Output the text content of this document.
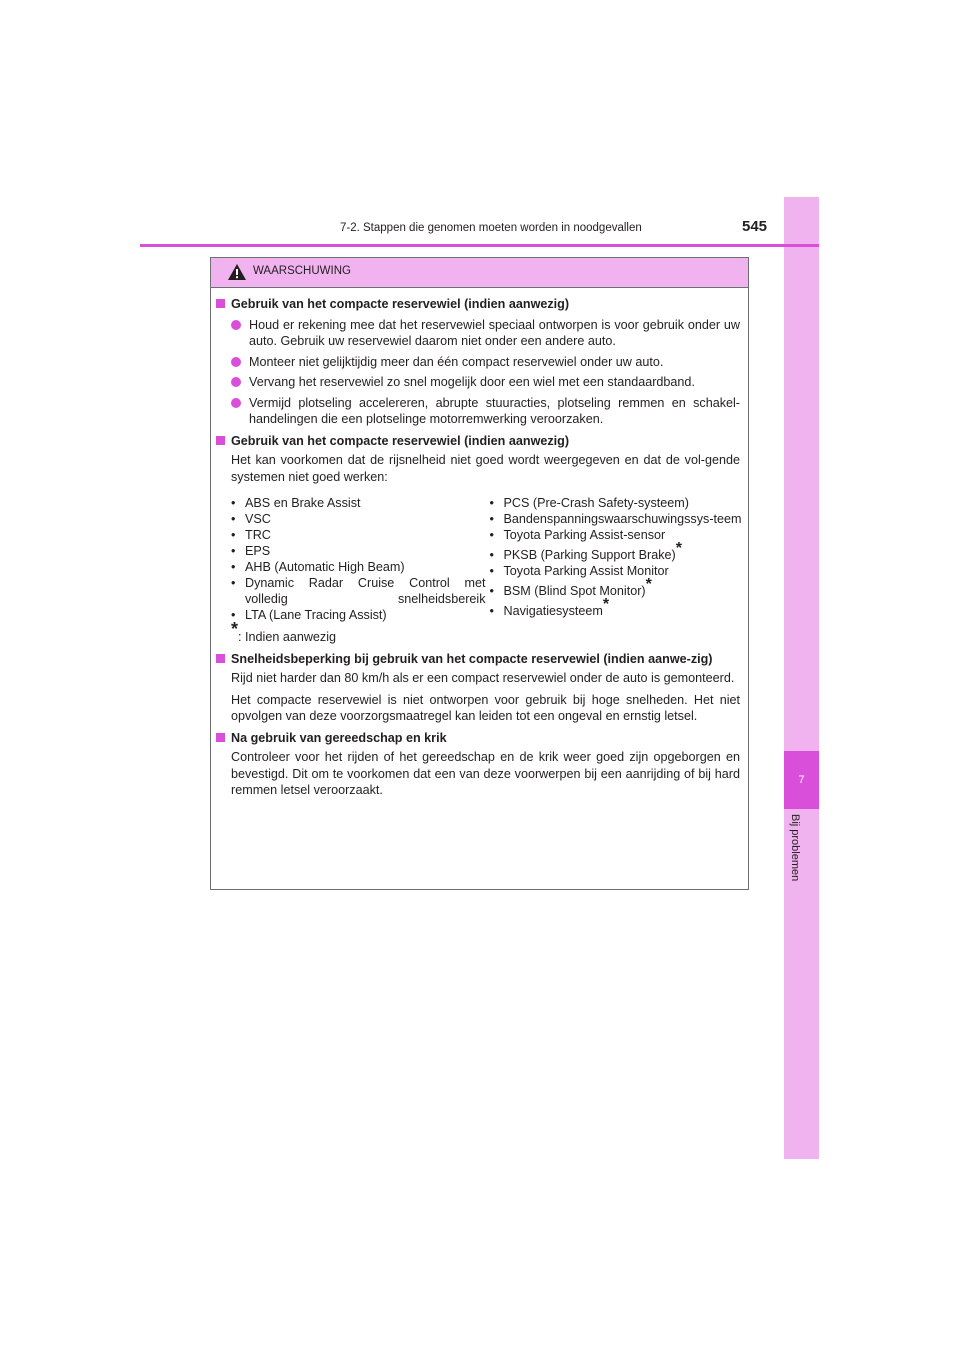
7
Bij problemen
7-2. Stappen die genomen moeten worden in noodgevallen	545
WAARSCHUWING
Gebruik van het compacte reservewiel (indien aanwezig)
Houd er rekening mee dat het reservewiel speciaal ontworpen is voor gebruik onder uw auto. Gebruik uw reservewiel daarom niet onder een andere auto.
Monteer niet gelijktijdig meer dan één compact reservewiel onder uw auto.
Vervang het reservewiel zo snel mogelijk door een wiel met een standaardband.
Vermijd plotseling accelereren, abrupte stuuracties, plotseling remmen en schakel-handelingen die een plotselinge motorremwerking veroorzaken.
Gebruik van het compacte reservewiel (indien aanwezig)
Het kan voorkomen dat de rijsnelheid niet goed wordt weergegeven en dat de vol-gende systemen niet goed werken:
• ABS en Brake Assist
• VSC
• TRC
• EPS
• AHB (Automatic High Beam)
• Dynamic Radar Cruise Control met volledig snelheidsbereik
• LTA (Lane Tracing Assist)
• PCS (Pre-Crash Safety-systeem)
• Bandenspanningswaarschuwingssys-teem
• Toyota Parking Assist-sensor
• PKSB (Parking Support Brake)*
• Toyota Parking Assist Monitor
• BSM (Blind Spot Monitor)*
• Navigatiesysteem*
*: Indien aanwezig
Snelheidsbeperking bij gebruik van het compacte reservewiel (indien aanwe-zig)
Rijd niet harder dan 80 km/h als er een compact reservewiel onder de auto is gemonteerd.
Het compacte reservewiel is niet ontworpen voor gebruik bij hoge snelheden. Het niet opvolgen van deze voorzorgsmaatregel kan leiden tot een ongeval en ernstig letsel.
Na gebruik van gereedschap en krik
Controleer voor het rijden of het gereedschap en de krik weer goed zijn opgeborgen en bevestigd. Dit om te voorkomen dat een van deze voorwerpen bij een aanrijding of bij hard remmen letsel veroorzaakt.
